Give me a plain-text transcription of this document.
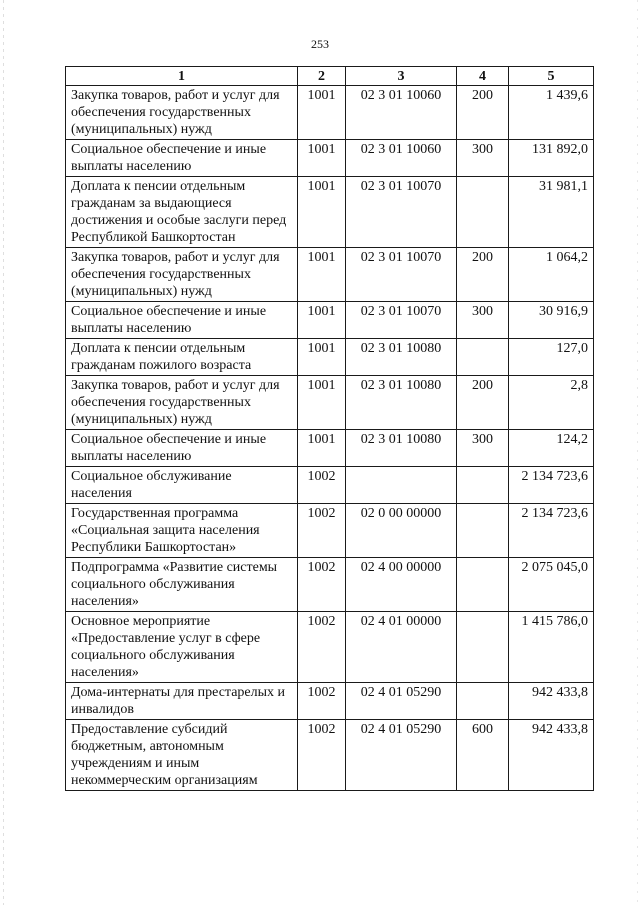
253
1	2	3	4	5
Закупка товаров, работ и услуг для обеспечения государственных (муниципальных) нужд	1001	02 3 01 10060	200	1 439,6
Социальное обеспечение и иные выплаты населению	1001	02 3 01 10060	300	131 892,0
Доплата к пенсии отдельным гражданам за выдающиеся достижения и особые заслуги перед Республикой Башкортостан	1001	02 3 01 10070		31 981,1
Закупка товаров, работ и услуг для обеспечения государственных (муниципальных) нужд	1001	02 3 01 10070	200	1 064,2
Социальное обеспечение и иные выплаты населению	1001	02 3 01 10070	300	30 916,9
Доплата к пенсии отдельным гражданам пожилого возраста	1001	02 3 01 10080		127,0
Закупка товаров, работ и услуг для обеспечения государственных (муниципальных) нужд	1001	02 3 01 10080	200	2,8
Социальное обеспечение и иные выплаты населению	1001	02 3 01 10080	300	124,2
Социальное обслуживание населения	1002			2 134 723,6
Государственная программа «Социальная защита населения Республики Башкортостан»	1002	02 0 00 00000		2 134 723,6
Подпрограмма «Развитие системы социального обслуживания населения»	1002	02 4 00 00000		2 075 045,0
Основное мероприятие «Предоставление услуг в сфере социального обслуживания населения»	1002	02 4 01 00000		1 415 786,0
Дома-интернаты для престарелых и инвалидов	1002	02 4 01 05290		942 433,8
Предоставление субсидий бюджетным, автономным учреждениям и иным некоммерческим организациям	1002	02 4 01 05290	600	942 433,8
